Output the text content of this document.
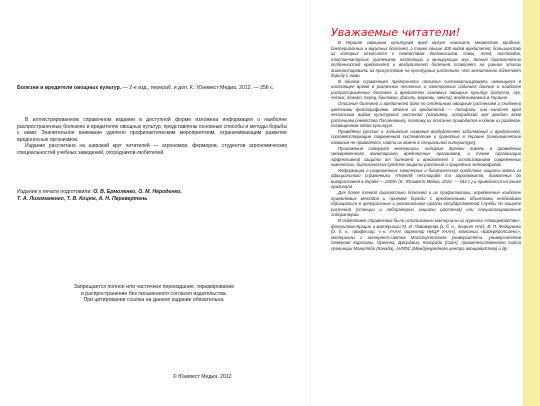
Болезни и вредители овощных культур. — 2-е изд., перераб. и доп. К.: Юнивест Медиа, 2012. — 256 с.

В иллюстрированном справочном издании в доступной форме изложена информация о наиболее распространенных болезнях и вредителях овощных культур, представлены основные способы и методы борьбы с ними. Значительное внимание уделено профилактическим мероприятиям, ограничивающим развитие вредоносных организмов.

Издание рассчитано на широкий круг читателей — агрономов, фермеров, студентов агрономических специальностей учебных заведений, огородников-любителей.

Издание к печати подготовили: О. В. Ермоленко, О. М. Нероденко,
Т. А. Лихоманенко, Т. В. Коцюк, А. Н. Перевертень
Запрещается полное или частичное переиздание, тиражирование
и распространение без письменного согласия издательства.
При цитировании ссылка на данное издание обязательна.
© Юнивест Медиа, 2012
Уважаемые читатели!

В Украине овощным культурам вред могут наносить множество грибных, бактериальных и вирусных болезней, а также свыше 300 видов вредителей, большинство из которых относится к семействам долгоносиков, совок, тлей, листоедов, пластинчатоусых, кузнечиков, настоящих и минирующих мух. Знание биологических особенностей вредителей и возбудителей болезней позволяет на ранних этапах диагностировать их присутствие на культурных растениях, что значительно облегчает борьбу с ними.

В данном справочнике предпринята попытка систематизировать имеющиеся в настоящее время в различных печатных и электронных изданиях данные о наиболее распространенных болезнях и вредителях основных овощных культур (капуста, лук, чеснок, томат, перец, баклажан, фасоль, морковь, свекла), возделываемых в Украине.

Описание болезней и вредителей дано по отдельным овощным растениям и снабжено цветными фотографиями. Многие из вредителей — полифаги, они наносят вред нескольким видам культурных растений (например, колорадский жук вредит всем растениям семейства Пасленовые), поэтому их описание приводится в одном из разделов, посвященном одной культуре.

Приведены русские и латинские названия возбудителей заболеваний и вредителей, соответствующие современной систематике и принятые в Украине (синонимические названия не приводятся, найти их можно в специальной литературе).

Приложения содержат материалы, которые должны помочь в проведении своевременного мониторинга вредоносных организмов, а также организации эффективной защиты от болезней и вредителей с использованием современных химических, биологических средств защиты растений и природных энтомофагов.

Информация о разрешенных химических и биологических средствах защиты взята из официального справочника «Перелік пестицидів та агрохімікатів, дозволених до використання в Україні — 2008» (К.: Юнивест Медиа, 2010. — 544 с.) и приводится на языке оригинала.

Для более точной диагностики болезней и их профилактики, определения наиболее приемлемых методов и приемов борьбы с вредоносными объектами необходимо обращаться в центральные и региональные органы государственной службы по защите растений (станции и лаборатории защиты растений) или специализированные лаборатории.

В подготовке справочника были использованы материалы из журнала «Овощеводство», фотоиллюстрации и материалы М. И. Пивоварова (к. б. н., доцент НАУ), В. П. Федоренко (д. б. н., профессор, ч.-к. УААН, директор НИЦР УААН), компании «БайерКропСаенс», материалы с интернет-сайтов Массачусетского университета, университетов Северной Каролины, Орегона, Джорджии, Колорадо (США), правительственного сайта провинции Манитоба (Канада), AVRDC (Международного центра овощеводства) и др.
